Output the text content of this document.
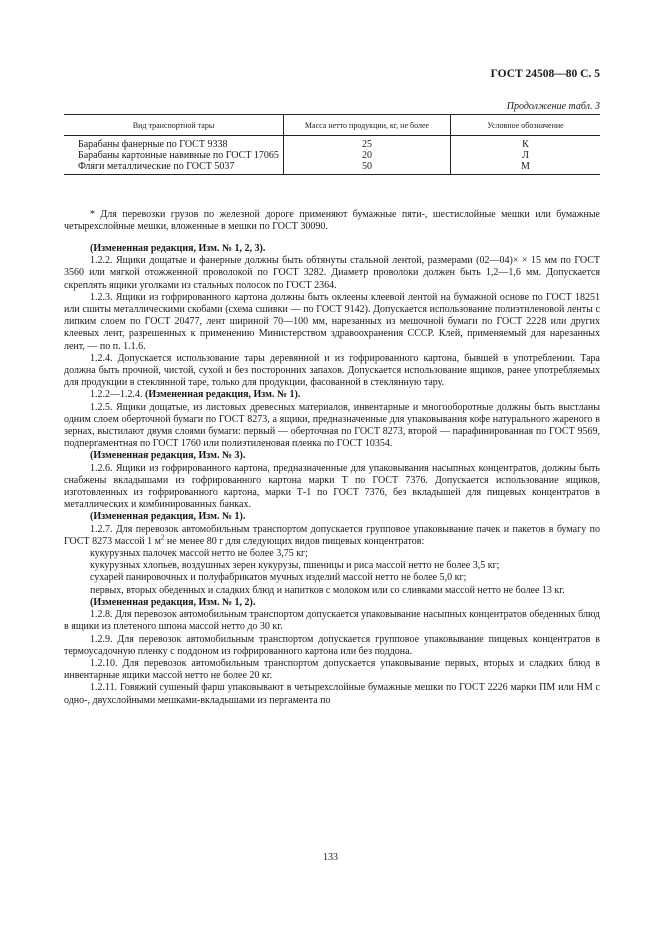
ГОСТ 24508—80 С. 5
Продолжение табл. 3
Вид транспортной тары	Масса нетто продукции, кг, не более	Условное обозначение
Барабаны фанерные по ГОСТ 9338	25	К
Барабаны картонные навивные по ГОСТ 17065	20	Л
Фляги металлические по ГОСТ 5037	50	М
* Для перевозки грузов по железной дороге применяют бумажные пяти-, шестислойные мешки или бумажные четырехслойные мешки, вложенные в мешки по ГОСТ 30090.

(Измененная редакция, Изм. № 1, 2, 3).

1.2.2. Ящики дощатые и фанерные должны быть обтянуты стальной лентой, размерами (02—04)× × 15 мм по ГОСТ 3560 или мягкой отожженной проволокой по ГОСТ 3282. Диаметр проволоки должен быть 1,2—1,6 мм. Допускается скреплять ящики уголками из стальных полосок по ГОСТ 2364.

1.2.3. Ящики из гофрированного картона должны быть оклеены клеевой лентой на бумажной основе по ГОСТ 18251 или сшиты металлическими скобами (схема сшивки — по ГОСТ 9142). Допускается использование полиэтиленовой ленты с липким слоем по ГОСТ 20477, лент шириной 70—100 мм, нарезанных из мешочной бумаги по ГОСТ 2228 или других клеевых лент, разрешенных к применению Министерством здравоохранения СССР. Клей, применяемый для нарезанных лент, — по п. 1.1.6.

1.2.4. Допускается использование тары деревянной и из гофрированного картона, бывшей в употреблении. Тара должна быть прочной, чистой, сухой и без посторонних запахов. Допускается использование ящиков, ранее употребляемых для продукции в стеклянной таре, только для продукции, фасованной в стеклянную тару.

1.2.2—1.2.4. (Измененная редакция, Изм. № 1).

1.2.5. Ящики дощатые, из листовых древесных материалов, инвентарные и многооборотные должны быть выстланы одним слоем оберточной бумаги по ГОСТ 8273, а ящики, предназначенные для упаковывания кофе натурального жареного в зернах, выстилают двумя слоями бумаги: первый — оберточная по ГОСТ 8273, второй — парафинированная по ГОСТ 9569, подпергаментная по ГОСТ 1760 или полиэтиленовая пленка по ГОСТ 10354.

(Измененная редакция, Изм. № 3).

1.2.6. Ящики из гофрированного картона, предназначенные для упаковывания насыпных концентратов, должны быть снабжены вкладышами из гофрированного картона марки Т по ГОСТ 7376. Допускается использование ящиков, изготовленных из гофрированного картона, марки Т-1 по ГОСТ 7376, без вкладышей для пищевых концентратов в металлических и комбинированных банках.

(Измененная редакция, Изм. № 1).

1.2.7. Для перевозок автомобильным транспортом допускается групповое упаковывание пачек и пакетов в бумагу по ГОСТ 8273 массой 1 $м^2$ не менее 80 г для следующих видов пищевых концентратов:

кукурузных палочек массой нетто не более 3,75 кг;

кукурузных хлопьев, воздушных зерен кукурузы, пшеницы и риса массой нетто не более 3,5 кг;

сухарей панировочных и полуфабрикатов мучных изделий массой нетто не более 5,0 кг;

первых, вторых обеденных и сладких блюд и напитков с молоком или со сливками массой нетто не более 13 кг.

(Измененная редакция, Изм. № 1, 2).

1.2.8. Для перевозок автомобильным транспортом допускается упаковывание насыпных концентратов обеденных блюд в ящики из плетеного шпона массой нетто до 30 кг.

1.2.9. Для перевозок автомобильным транспортом допускается групповое упаковывание пищевых концентратов в термоусадочную пленку с поддоном из гофрированного картона или без поддона.

1.2.10. Для перевозок автомобильным транспортом допускается упаковывание первых, вторых и сладких блюд в инвентарные ящики массой нетто не более 20 кг.

1.2.11. Говяжий сушеный фарш упаковывают в четырехслойные бумажные мешки по ГОСТ 2226 марки ПМ или НМ с одно-, двухслойными мешками-вкладышами из пергамента по

133
